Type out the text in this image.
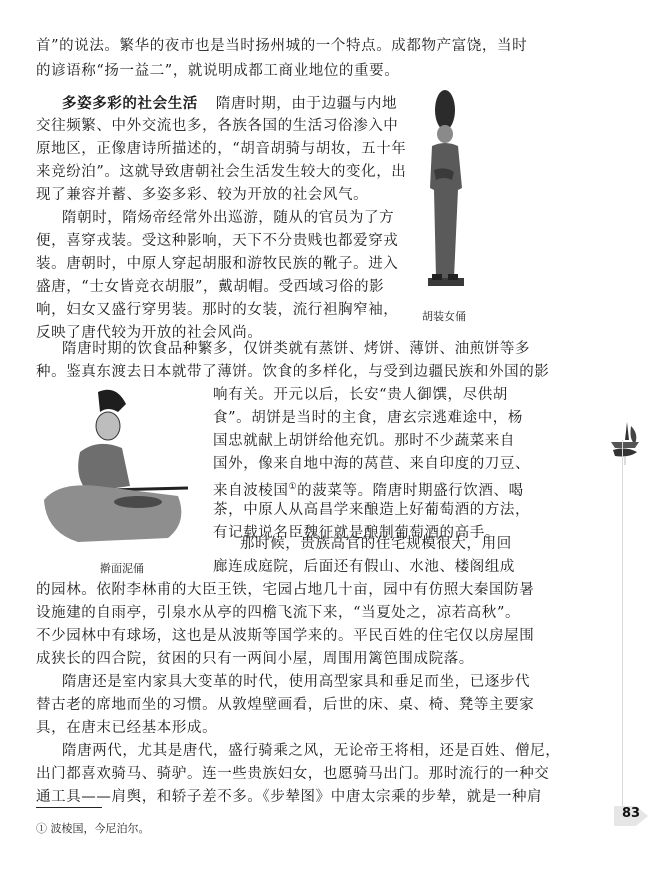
首”的说法。繁华的夜市也是当时扬州城的一个特点。成都物产富饶，当时
的谚语称“扬一益二”，就说明成都工商业地位的重要。
多姿多彩的社会生活 隋唐时期，由于边疆与内地
交往频繁、中外交流也多，各族各国的生活习俗渗入中
原地区，正像唐诗所描述的，“胡音胡骑与胡妆，五十年
来竞纷泊”。这就导致唐朝社会生活发生较大的变化，出
现了兼容并蓄、多姿多彩、较为开放的社会风气。
隋朝时，隋炀帝经常外出巡游，随从的官员为了方
便，喜穿戎装。受这种影响，天下不分贵贱也都爱穿戎
装。唐朝时，中原人穿起胡服和游牧民族的靴子。进入
盛唐，“士女皆竞衣胡服”，戴胡帽。受西域习俗的影
响，妇女又盛行穿男装。那时的女装，流行袒胸窄袖，
反映了唐代较为开放的社会风尚。
胡装女俑
隋唐时期的饮食品种繁多，仅饼类就有蒸饼、烤饼、薄饼、油煎饼等多
种。鉴真东渡去日本就带了薄饼。饮食的多样化，与受到边疆民族和外国的影
响有关。开元以后，长安“贵人御馔，尽供胡
食”。胡饼是当时的主食，唐玄宗逃难途中，杨
国忠就献上胡饼给他充饥。那时不少蔬菜来自
国外，像来自地中海的莴苣、来自印度的刀豆、
来自波棱国①的菠菜等。隋唐时期盛行饮酒、喝
茶，中原人从高昌学来酿造上好葡萄酒的方法，
有记载说名臣魏征就是酿制葡萄酒的高手。
擀面泥俑
那时候，贵族高官的住宅规模很大，用回
廊连成庭院，后面还有假山、水池、楼阁组成
的园林。依附李林甫的大臣王铁，宅园占地几十亩，园中有仿照大秦国防暑
设施建的自雨亭，引泉水从亭的四檐飞流下来，“当夏处之，凉若高秋”。
不少园林中有球场，这也是从波斯等国学来的。平民百姓的住宅仅以房屋围
成狭长的四合院，贫困的只有一两间小屋，周围用篱笆围成院落。
隋唐还是室内家具大变革的时代，使用高型家具和垂足而坐，已逐步代
替古老的席地而坐的习惯。从敦煌壁画看，后世的床、桌、椅、凳等主要家
具，在唐末已经基本形成。
隋唐两代，尤其是唐代，盛行骑乘之风，无论帝王将相，还是百姓、僧尼，
出门都喜欢骑马、骑驴。连一些贵族妇女，也愿骑马出门。那时流行的一种交
通工具——肩舆，和轿子差不多。《步辇图》中唐太宗乘的步辇，就是一种肩
① 波棱国，今尼泊尔。
83
